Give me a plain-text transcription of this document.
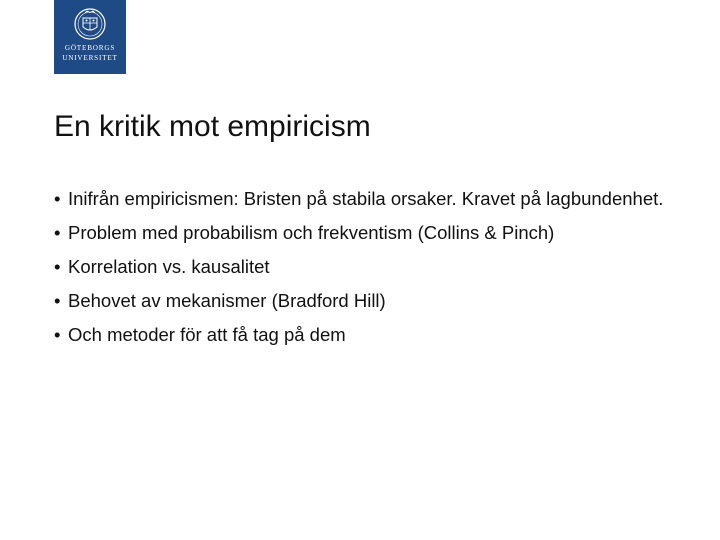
GÖTEBORGS
UNIVERSITET
En kritik mot empiricism
• Inifrån empiricismen: Bristen på stabila orsaker. Kravet på lagbundenhet.
• Problem med probabilism och frekventism (Collins & Pinch)
• Korrelation vs. kausalitet
• Behovet av mekanismer (Bradford Hill)
• Och metoder för att få tag på dem
